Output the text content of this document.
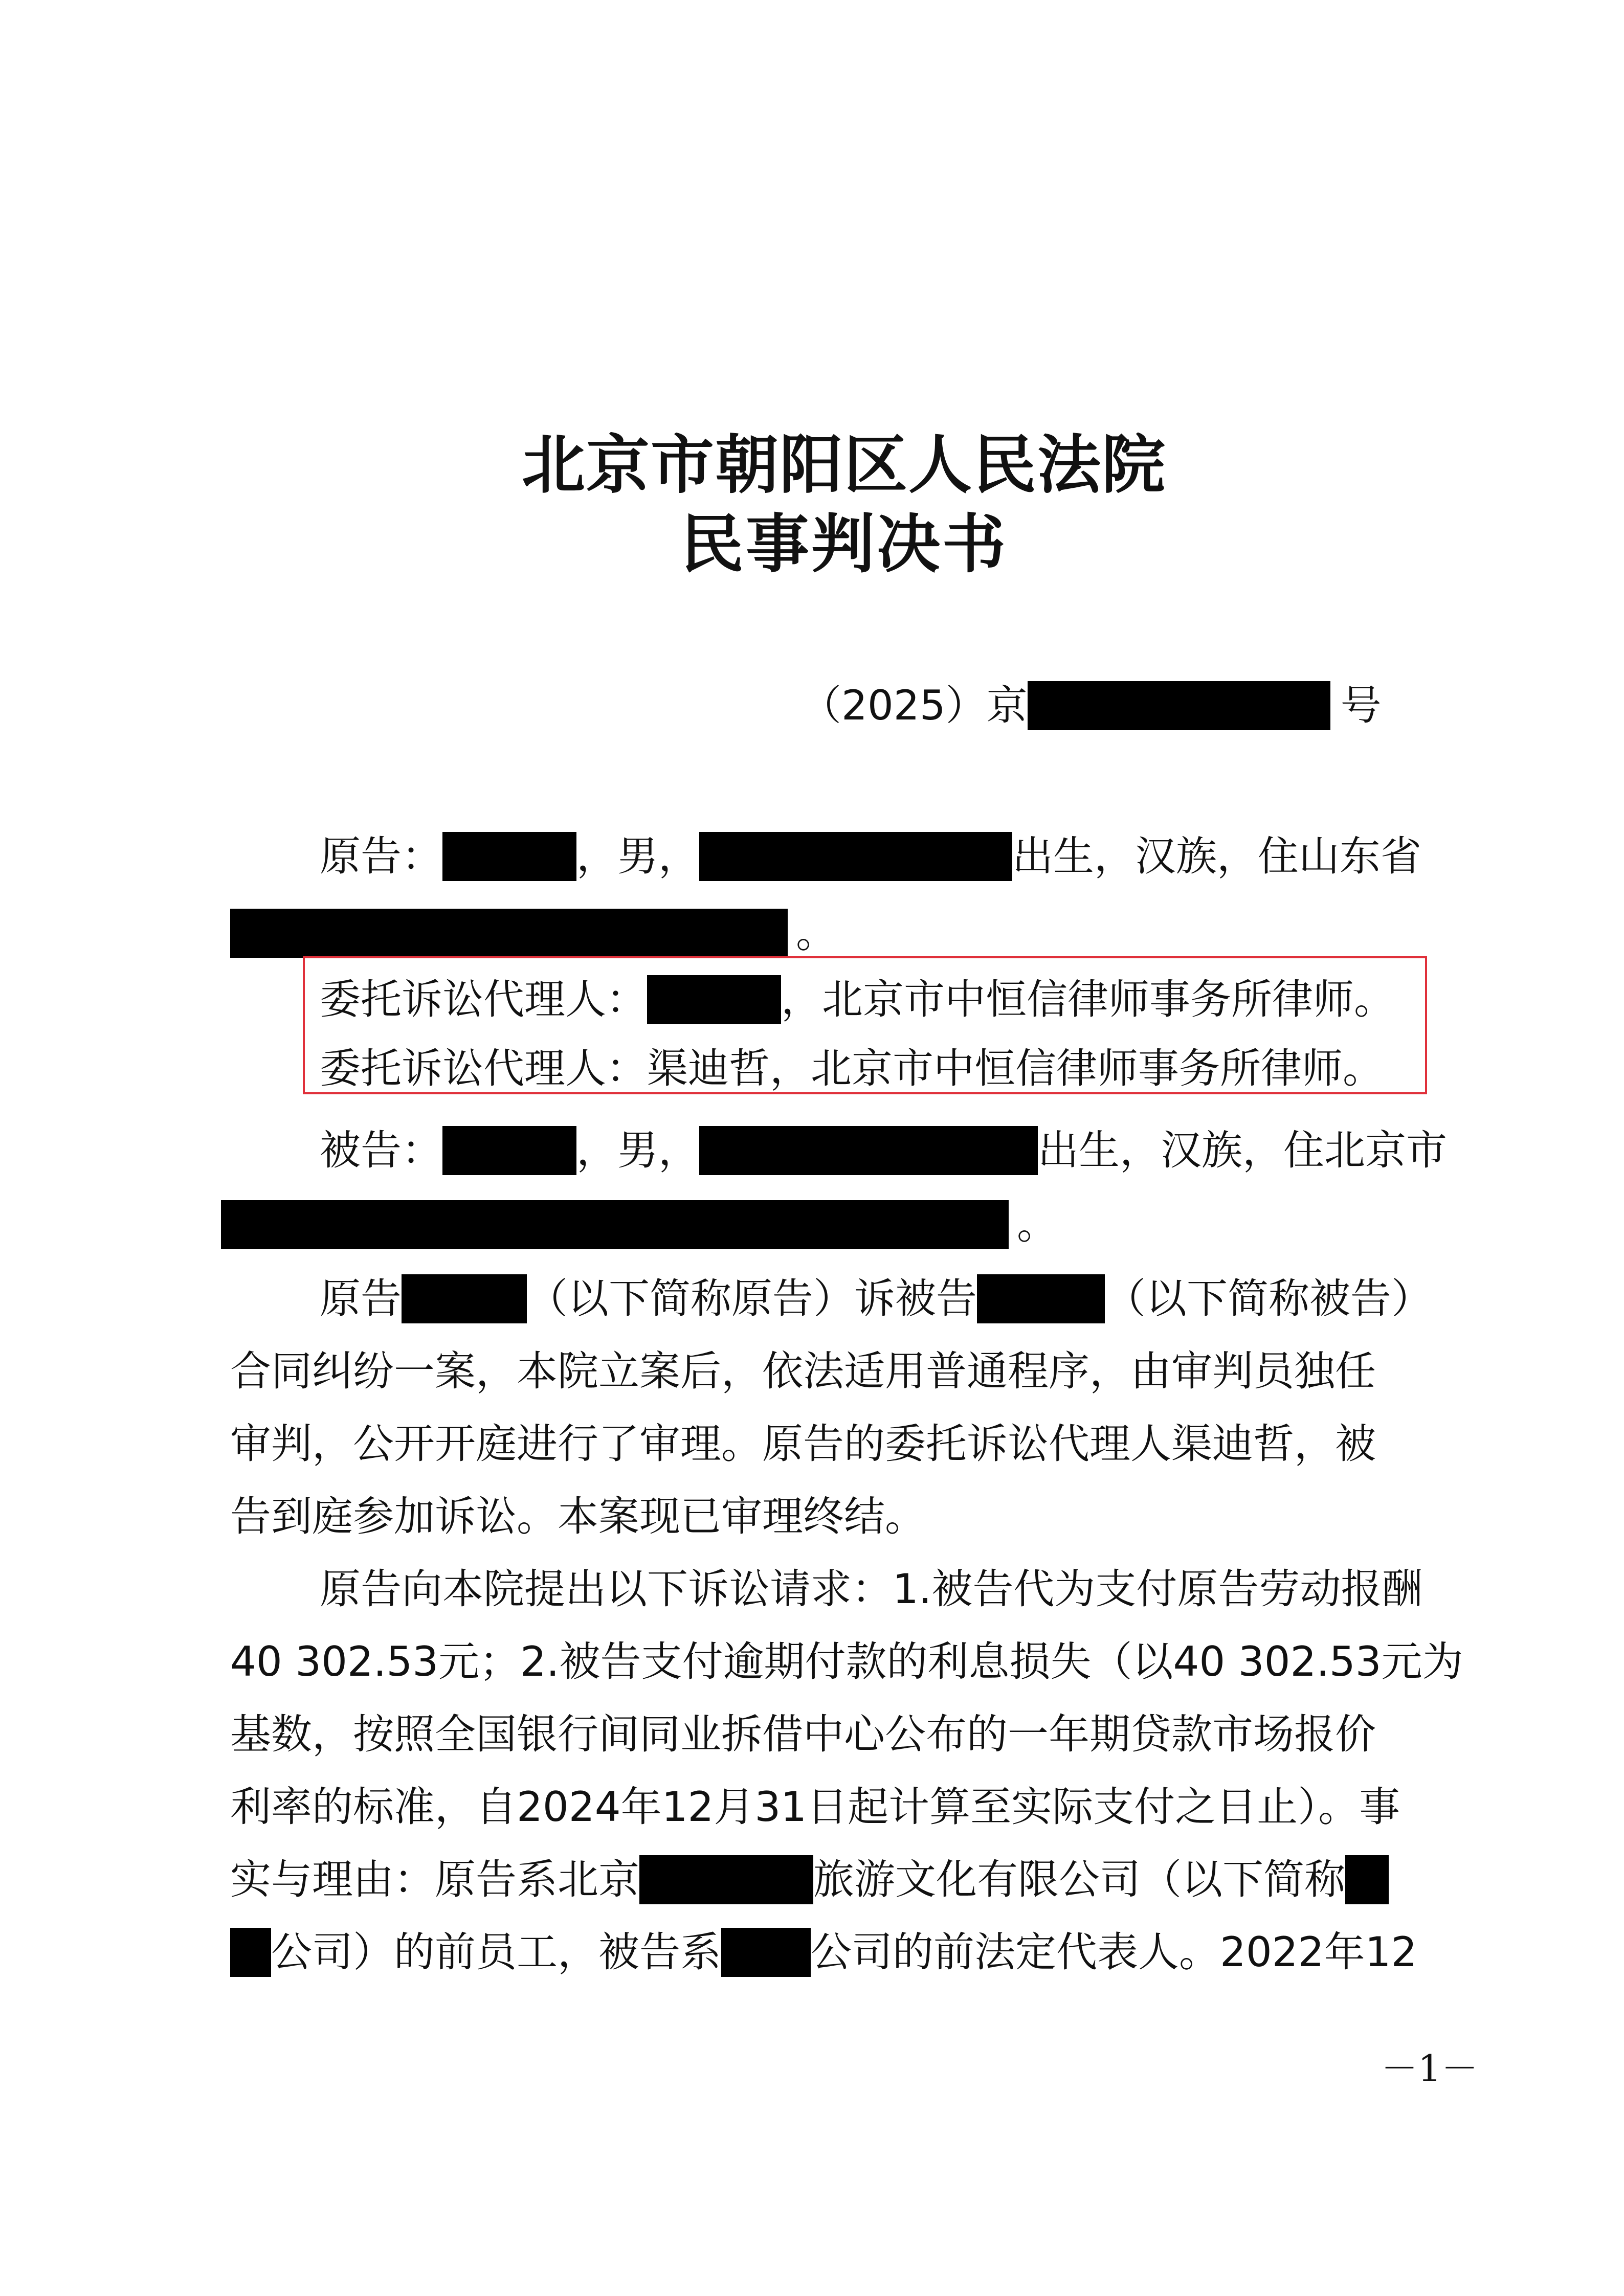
北京市朝阳区人民法院
民事判决书
（2025）京	号
原告：	，男，	出生，汉族，住山东省
。
委托诉讼代理人：	，北京市中恒信律师事务所律师。
委托诉讼代理人：渠迪哲，北京市中恒信律师事务所律师。
被告：	，男，	出生，汉族，住北京市
。
原告	（以下简称原告）诉被告	（以下简称被告）
合同纠纷一案，本院立案后，依法适用普通程序，由审判员独任
审判，公开开庭进行了审理。原告的委托诉讼代理人渠迪哲，被
告到庭参加诉讼。本案现已审理终结。
原告向本院提出以下诉讼请求：1.被告代为支付原告劳动报酬
40 302.53元；2.被告支付逾期付款的利息损失（以40 302.53元为
基数，按照全国银行间同业拆借中心公布的一年期贷款市场报价
利率的标准，自2024年12月31日起计算至实际支付之日止）。事
实与理由：原告系北京	旅游文化有限公司（以下简称
公司）的前员工，被告系 公司的前法定代表人。2022年12
－1－
